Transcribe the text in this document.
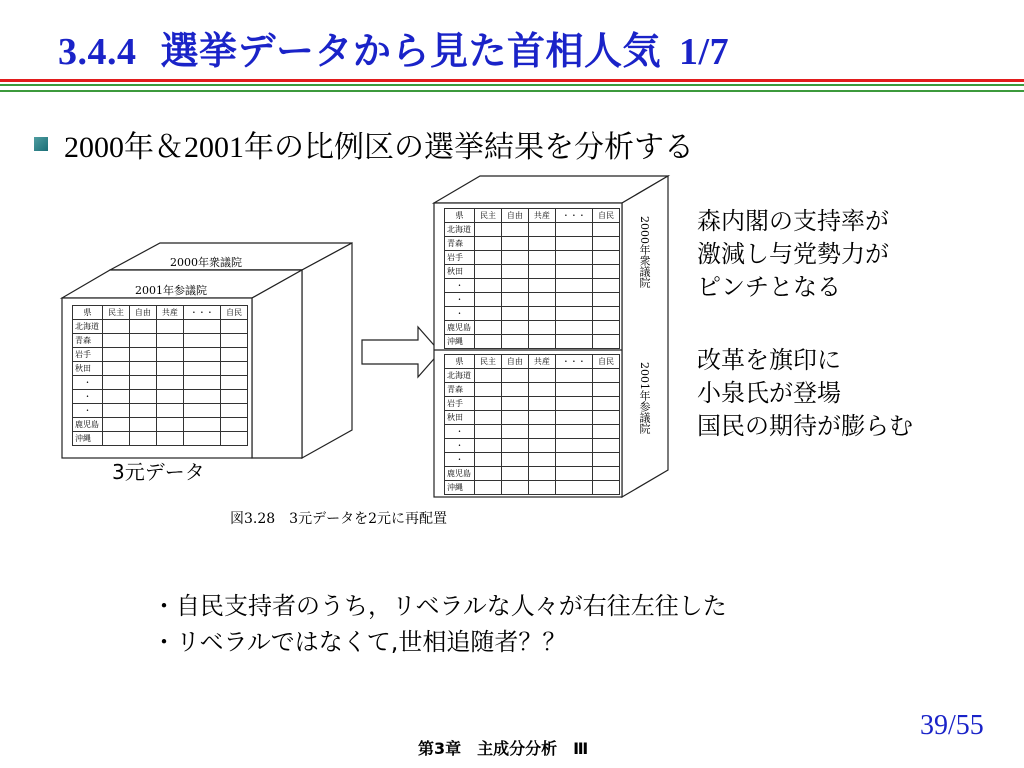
3.4.4 選挙データから見た首相人気 1/7
2000年＆2001年の比例区の選挙結果を分析する
2000年衆議院
2001年参議院
県	民主	自由	共産	・・・	自民
北海道					
青森					
岩手					
秋田					
・					
・					
・					
鹿児島					
沖縄					
3元データ
県	民主	自由	共産	・・・	自民
北海道					
青森					
岩手					
秋田					
・					
・					
・					
鹿児島					
沖縄					
県	民主	自由	共産	・・・	自民
北海道					
青森					
岩手					
秋田					
・					
・					
・					
鹿児島					
沖縄					
2000年衆議院
2001年参議院
図3.28　3元データを2元に再配置
森内閣の支持率が
激減し与党勢力が
ピンチとなる
改革を旗印に
小泉氏が登場
国民の期待が膨らむ
・自民支持者のうち，リベラルな人々が右往左往した
・リベラルではなくて,世相追随者？？
第3章　主成分分析　Ⅲ
39/55
